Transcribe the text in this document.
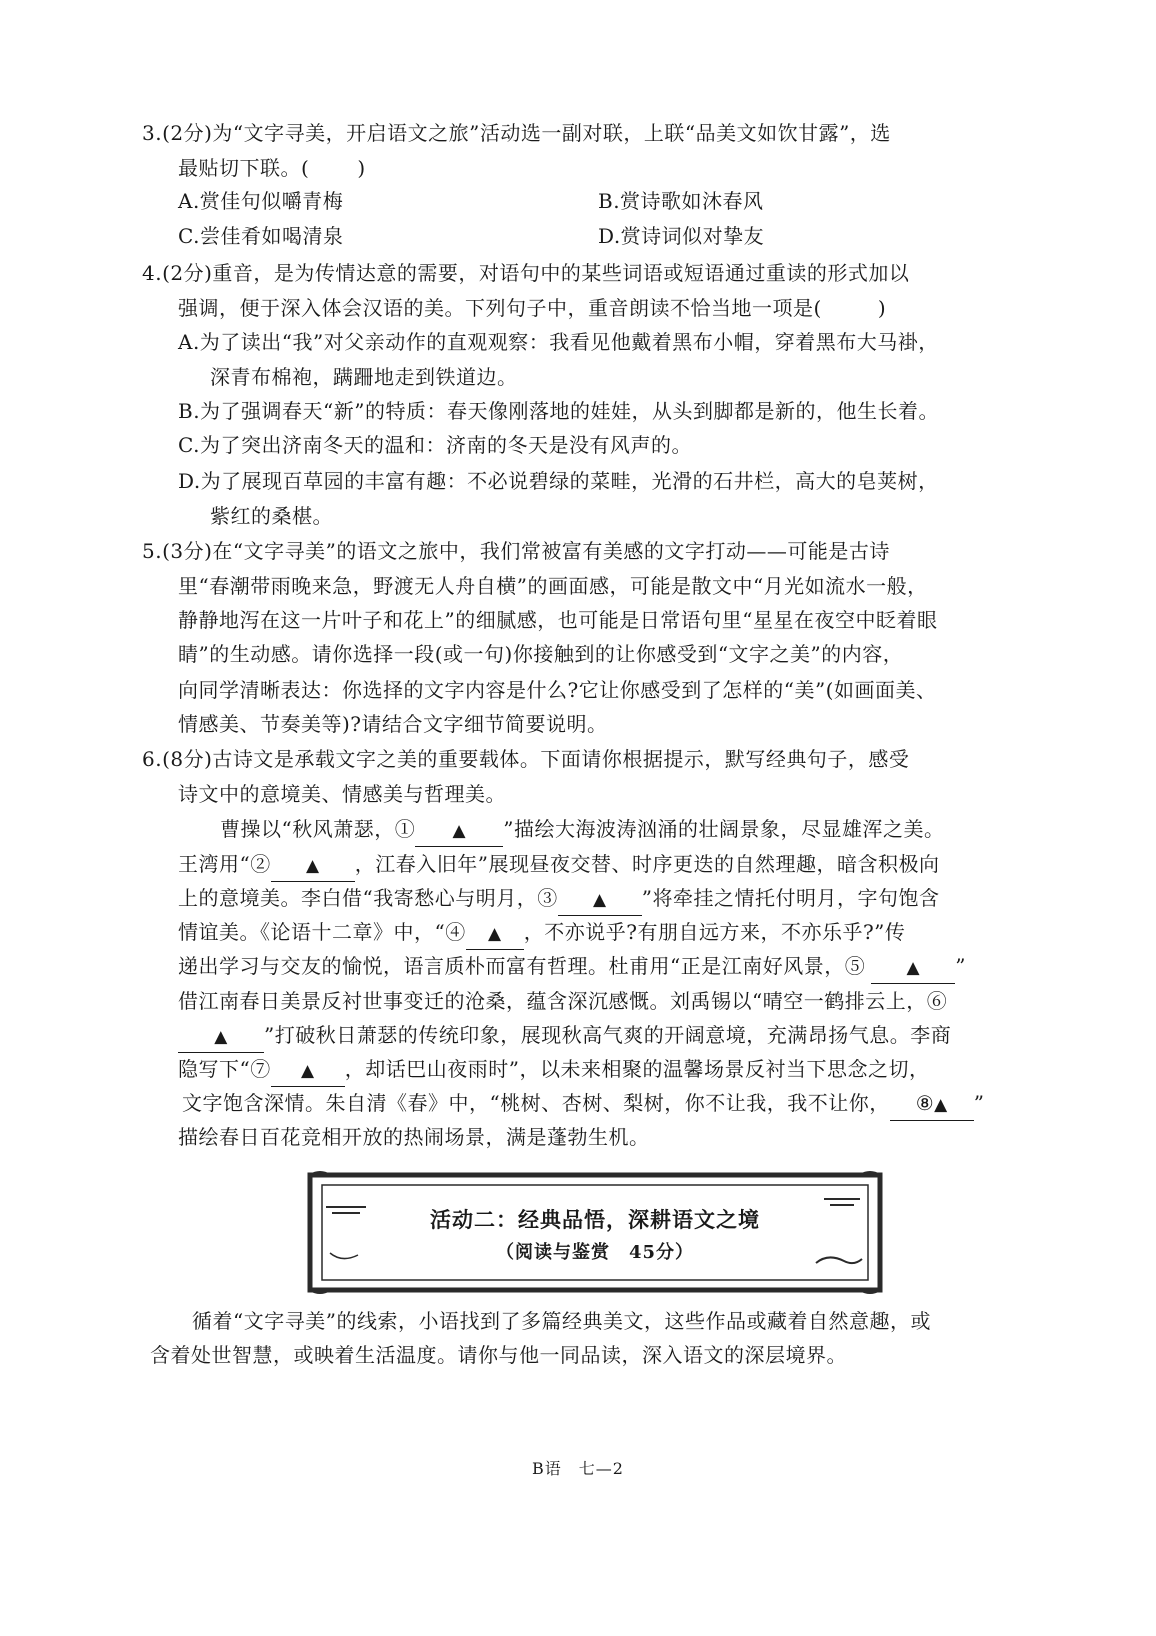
3.(2分)为“文字寻美，开启语文之旅”活动选一副对联，上联“品美文如饮甘露”，选
最贴切下联。( )
A.赏佳句似嚼青梅	B.赏诗歌如沐春风
C.尝佳肴如喝清泉	D.赏诗词似对挚友
4.(2分)重音，是为传情达意的需要，对语句中的某些词语或短语通过重读的形式加以
强调，便于深入体会汉语的美。下列句子中，重音朗读不恰当地一项是(	)
A.为了读出“我”对父亲动作的直观观察：我看见他戴着黑布小帽，穿着黑布大马褂，
深青布棉袍，蹒跚地走到铁道边。
B.为了强调春天“新”的特质：春天像刚落地的娃娃，从头到脚都是新的，他生长着。
C.为了突出济南冬天的温和：济南的冬天是没有风声的。
D.为了展现百草园的丰富有趣：不必说碧绿的菜畦，光滑的石井栏，高大的皂荚树，
紫红的桑椹。
5.(3分)在“文字寻美”的语文之旅中，我们常被富有美感的文字打动——可能是古诗
里“春潮带雨晚来急，野渡无人舟自横”的画面感，可能是散文中“月光如流水一般，
静静地泻在这一片叶子和花上”的细腻感，也可能是日常语句里“星星在夜空中眨着眼
睛”的生动感。请你选择一段(或一句)你接触到的让你感受到“文字之美”的内容，
向同学清晰表达：你选择的文字内容是什么?它让你感受到了怎样的“美”(如画面美、
情感美、节奏美等)?请结合文字细节简要说明。
6.(8分)古诗文是承载文字之美的重要载体。下面请你根据提示，默写经典句子，感受
诗文中的意境美、情感美与哲理美。
曹操以“秋风萧瑟，① ▲ ”描绘大海波涛汹涌的壮阔景象，尽显雄浑之美。
王湾用“② ▲ ，江春入旧年”展现昼夜交替、时序更迭的自然理趣，暗含积极向
上的意境美。李白借“我寄愁心与明月，③ ▲ ”将牵挂之情托付明月，字句饱含
情谊美。《论语十二章》中，“④ ▲ ，不亦说乎?有朋自远方来，不亦乐乎?”传
递出学习与交友的愉悦，语言质朴而富有哲理。杜甫用“正是江南好风景，⑤ ▲ ”
借江南春日美景反衬世事变迁的沧桑，蕴含深沉感慨。刘禹锡以“晴空一鹤排云上，⑥
▲ ”打破秋日萧瑟的传统印象，展现秋高气爽的开阔意境，充满昂扬气息。李商
隐写下“⑦ ▲ ，却话巴山夜雨时”，以未来相聚的温馨场景反衬当下思念之切，
文字饱含深情。朱自清《春》中，“桃树、杏树、梨树，你不让我，我不让你， ⑧▲ ”
描绘春日百花竞相开放的热闹场景，满是蓬勃生机。
活动二：经典品悟，深耕语文之境
（阅读与鉴赏　45分）
循着“文字寻美”的线索，小语找到了多篇经典美文，这些作品或藏着自然意趣，或
含着处世智慧，或映着生活温度。请你与他一同品读，深入语文的深层境界。
B语　七—2
